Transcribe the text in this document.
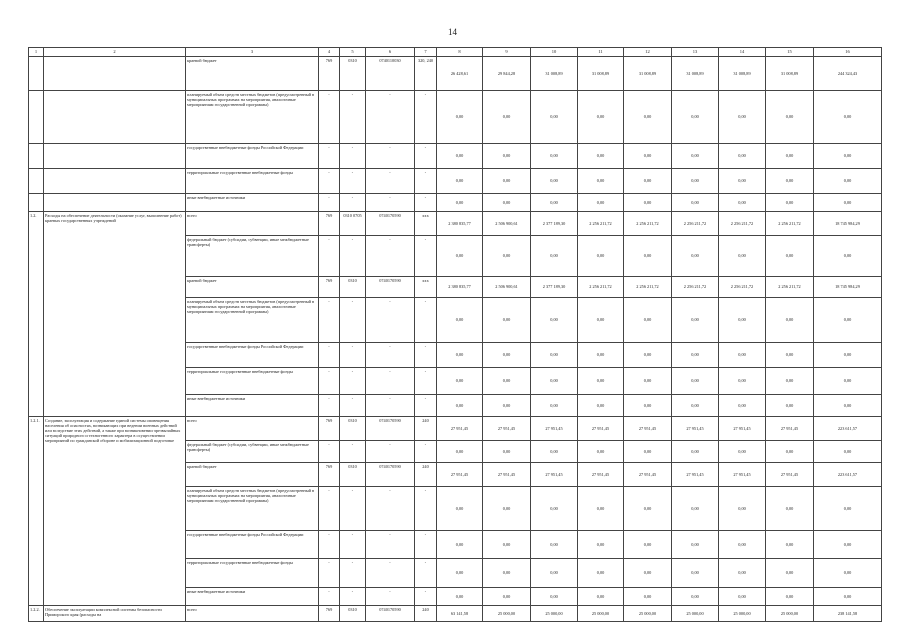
14
1	2	3	4	5	6	7	8	9	10	11	12	13	14	15	16
		краевой бюджет	769	0310	0740110030	320, 240	26 428,61	29 844,28	31 008,89	31 008,89	31 008,89	31 008,89	31 008,89	31 008,89	244 324,43
		планируемый объем средств местных бюджетов (предусмотренный в муниципальных программах на мероприятия, аналогичные мероприятиям государственной программы)	-	-	-	-	0,00	0,00	0,00	0,00	0,00	0,00	0,00	0,00	0,00
		государственные внебюджетные фонды Российской Федерации	-	-	-	-	0,00	0,00	0,00	0,00	0,00	0,00	0,00	0,00	0,00
		территориальные государственные внебюджетные фонды	-	-	-	-	0,00	0,00	0,00	0,00	0,00	0,00	0,00	0,00	0,00
		иные внебюджетные источники	-	-	-	-	0,00	0,00	0,00	0,00	0,00	0,00	0,00	0,00	0,00
1.2.	Расходы на обеспечение деятельности (оказание услуг, выполнение работ) краевых государственных учреждений	всего	769	0310 0705	0740170590	ххх	2 380 835,77	2 506 900,61	2 377 189,30	2 256 211,72	2 256 211,72	2 256 211,72	2 256 211,72	2 256 211,72	18 745 984,29
		федеральный бюджет (субсидии, субвенции, иные межбюджетные трансферты)	-	-	-	-	0,00	0,00	0,00	0,00	0,00	0,00	0,00	0,00	0,00
		краевой бюджет	769	0310	0740170590	ххх	2 380 835,77	2 506 900,61	2 377 189,30	2 256 211,72	2 256 211,72	2 256 211,72	2 256 211,72	2 256 211,72	18 745 984,29
		планируемый объем средств местных бюджетов (предусмотренный в муниципальных программах на мероприятия, аналогичные мероприятиям государственной программы)	-	-	-	-	0,00	0,00	0,00	0,00	0,00	0,00	0,00	0,00	0,00
		государственные внебюджетные фонды Российской Федерации	-	-	-	-	0,00	0,00	0,00	0,00	0,00	0,00	0,00	0,00	0,00
		территориальные государственные внебюджетные фонды	-	-	-	-	0,00	0,00	0,00	0,00	0,00	0,00	0,00	0,00	0,00
		иные внебюджетные источники	-	-	-	-	0,00	0,00	0,00	0,00	0,00	0,00	0,00	0,00	0,00
1.2.1.	Создание, эксплуатация и содержание единой системы оповещения населения об опасностях, возникающих при ведении военных действий или вследствие этих действий, а также при возникновении чрезвычайных ситуаций природного и техногенного характера в осуществлении мероприятий по гражданской обороне и мобилизационной подготовке	всего	769	0310	0740170590	240	27 951,45	27 951,45	27 951,45	27 951,45	27 951,45	27 951,45	27 951,45	27 951,45	223 611,57
		федеральный бюджет (субсидии, субвенции, иные межбюджетные трансферты)	-	-	-	-	0,00	0,00	0,00	0,00	0,00	0,00	0,00	0,00	0,00
		краевой бюджет	769	0310	0740170590	240	27 951,45	27 951,45	27 951,45	27 951,45	27 951,45	27 951,45	27 951,45	27 951,45	223 611,57
		планируемый объем средств местных бюджетов (предусмотренный в муниципальных программах на мероприятия, аналогичные мероприятиям государственной программы)	-	-	-	-	0,00	0,00	0,00	0,00	0,00	0,00	0,00	0,00	0,00
		государственные внебюджетные фонды Российской Федерации	-	-	-	-	0,00	0,00	0,00	0,00	0,00	0,00	0,00	0,00	0,00
		территориальные государственные внебюджетные фонды	-	-	-	-	0,00	0,00	0,00	0,00	0,00	0,00	0,00	0,00	0,00
		иные внебюджетные источники	-	-	-	-	0,00	0,00	0,00	0,00	0,00	0,00	0,00	0,00	0,00
1.2.2.	Обеспечение эксплуатации комплексной системы безопасности Приморского края (расходы на	всего	769	0310	0740170590	240	63 141,58	25 000,00	25 000,00	25 000,00	25 000,00	25 000,00	25 000,00	25 000,00	238 141,58
